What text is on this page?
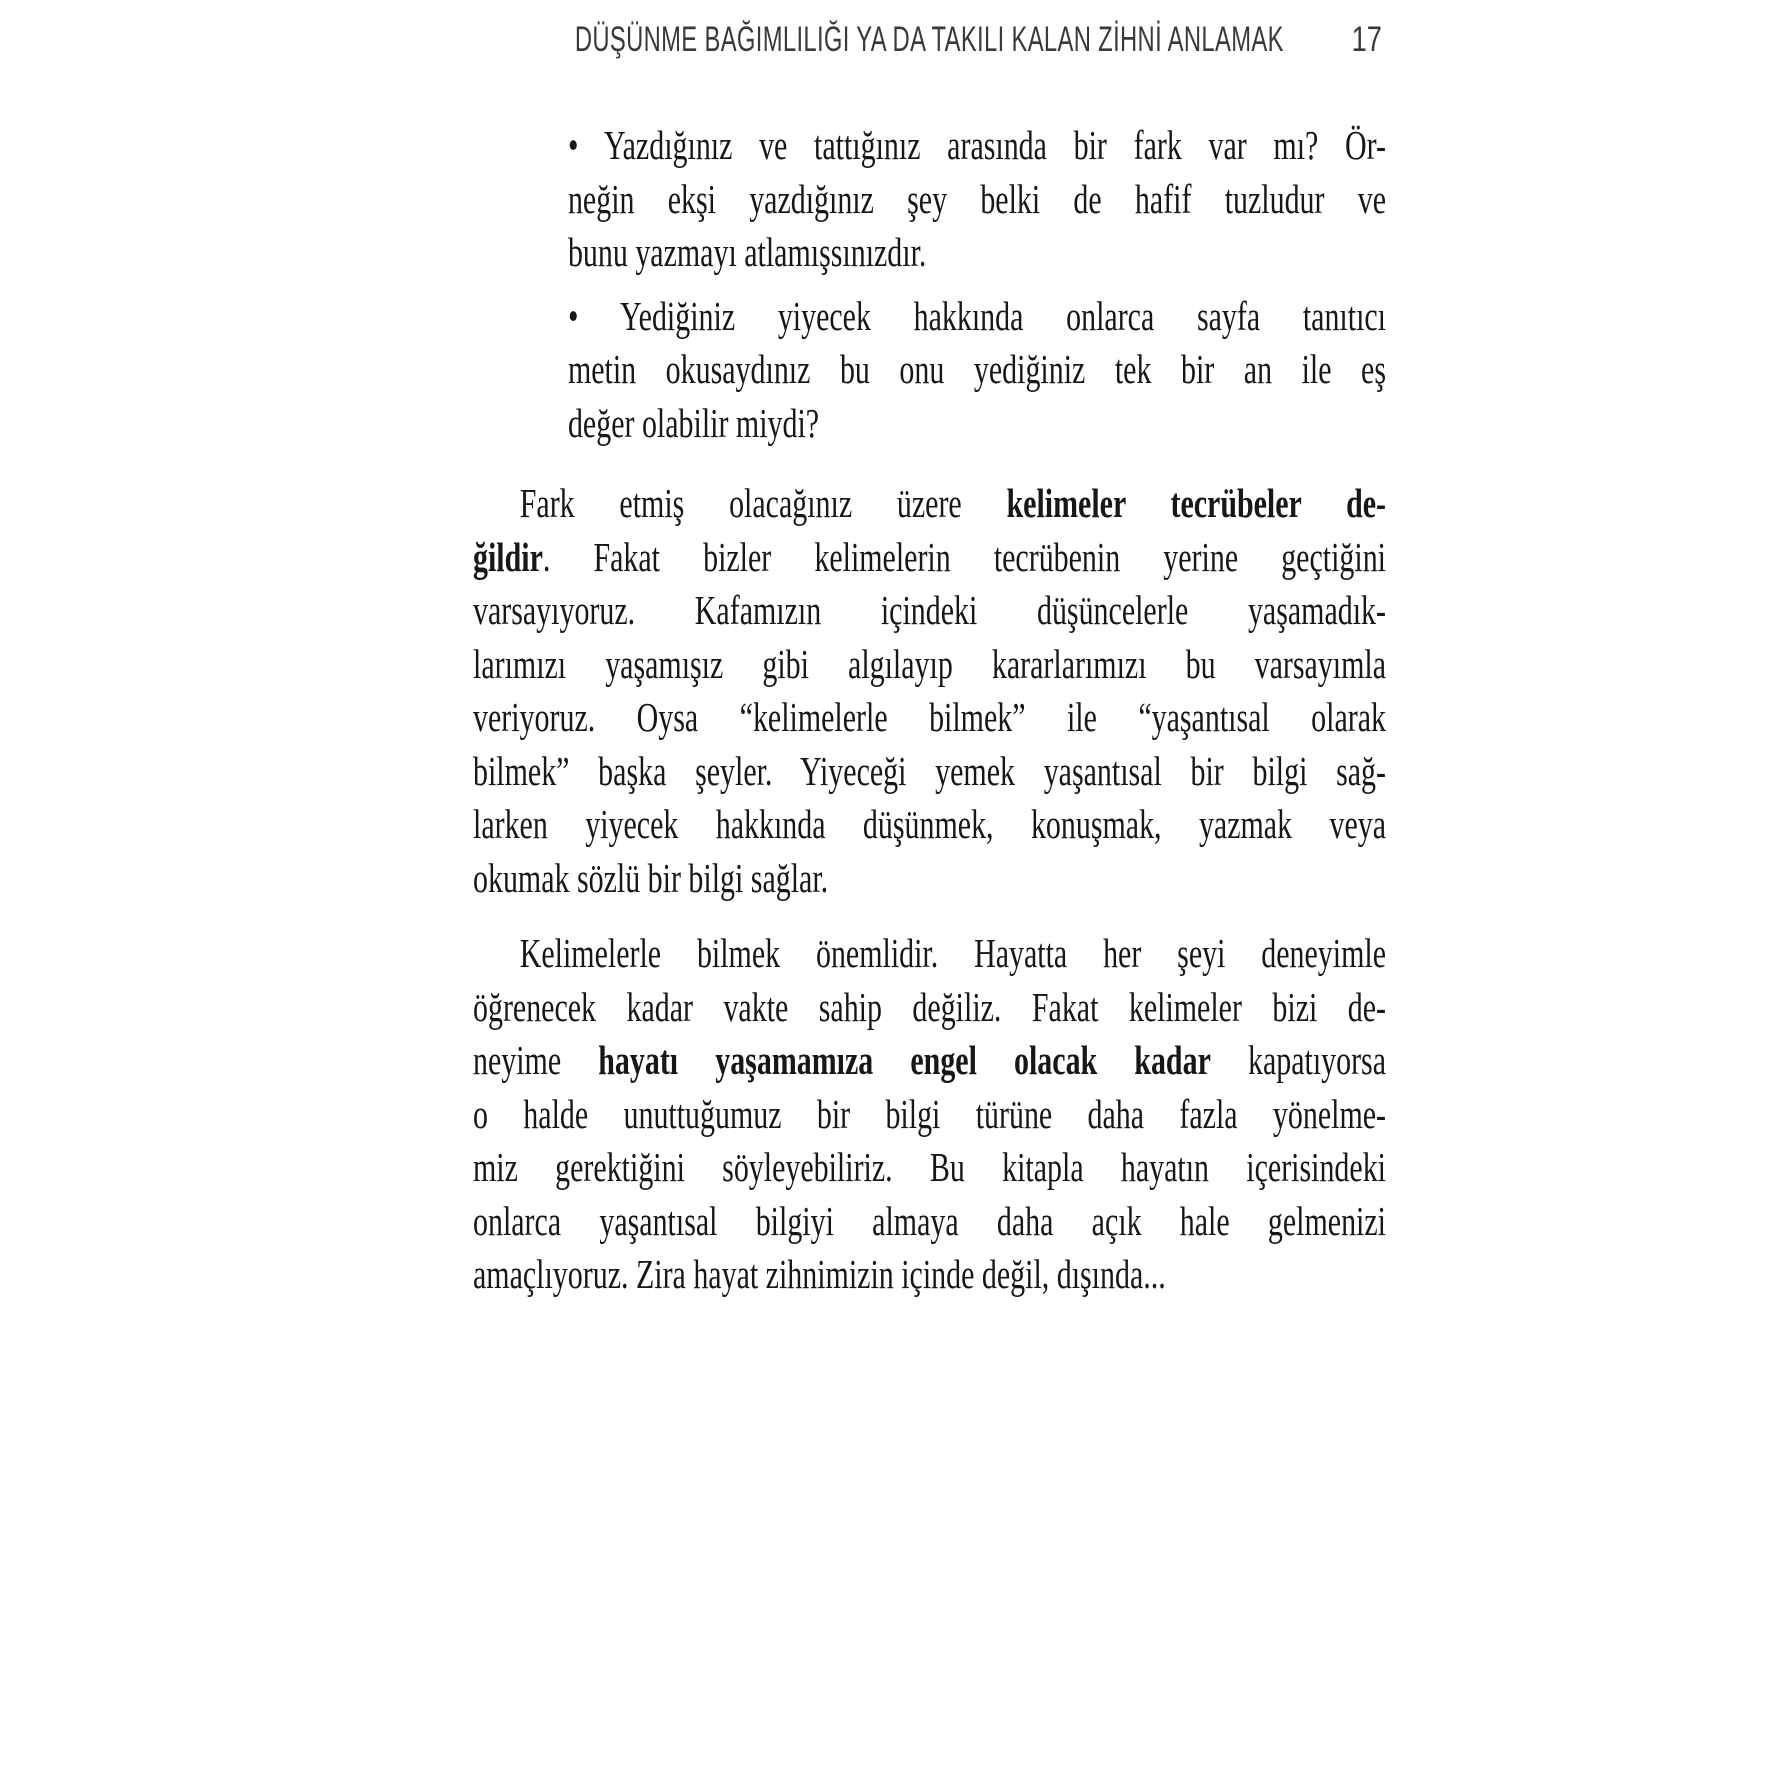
DÜŞÜNME BAĞIMLILIĞI YA DA TAKILI KALAN ZİHNİ ANLAMAK 17
• Yazdığınız ve tattığınız arasında bir fark var mı? Ör-
neğin ekşi yazdığınız şey belki de hafif tuzludur ve
bunu yazmayı atlamışsınızdır.
• Yediğiniz yiyecek hakkında onlarca sayfa tanıtıcı
metin okusaydınız bu onu yediğiniz tek bir an ile eş
değer olabilir miydi?
Fark etmiş olacağınız üzere kelimeler tecrübeler de-
ğildir. Fakat bizler kelimelerin tecrübenin yerine geçtiğini
varsayıyoruz. Kafamızın içindeki düşüncelerle yaşamadık-
larımızı yaşamışız gibi algılayıp kararlarımızı bu varsayımla
veriyoruz. Oysa “kelimelerle bilmek” ile “yaşantısal olarak
bilmek” başka şeyler. Yiyeceği yemek yaşantısal bir bilgi sağ-
larken yiyecek hakkında düşünmek, konuşmak, yazmak veya
okumak sözlü bir bilgi sağlar.
Kelimelerle bilmek önemlidir. Hayatta her şeyi deneyimle
öğrenecek kadar vakte sahip değiliz. Fakat kelimeler bizi de-
neyime hayatı yaşamamıza engel olacak kadar kapatıyorsa
o halde unuttuğumuz bir bilgi türüne daha fazla yönelme-
miz gerektiğini söyleyebiliriz. Bu kitapla hayatın içerisindeki
onlarca yaşantısal bilgiyi almaya daha açık hale gelmenizi
amaçlıyoruz. Zira hayat zihnimizin içinde değil, dışında...
